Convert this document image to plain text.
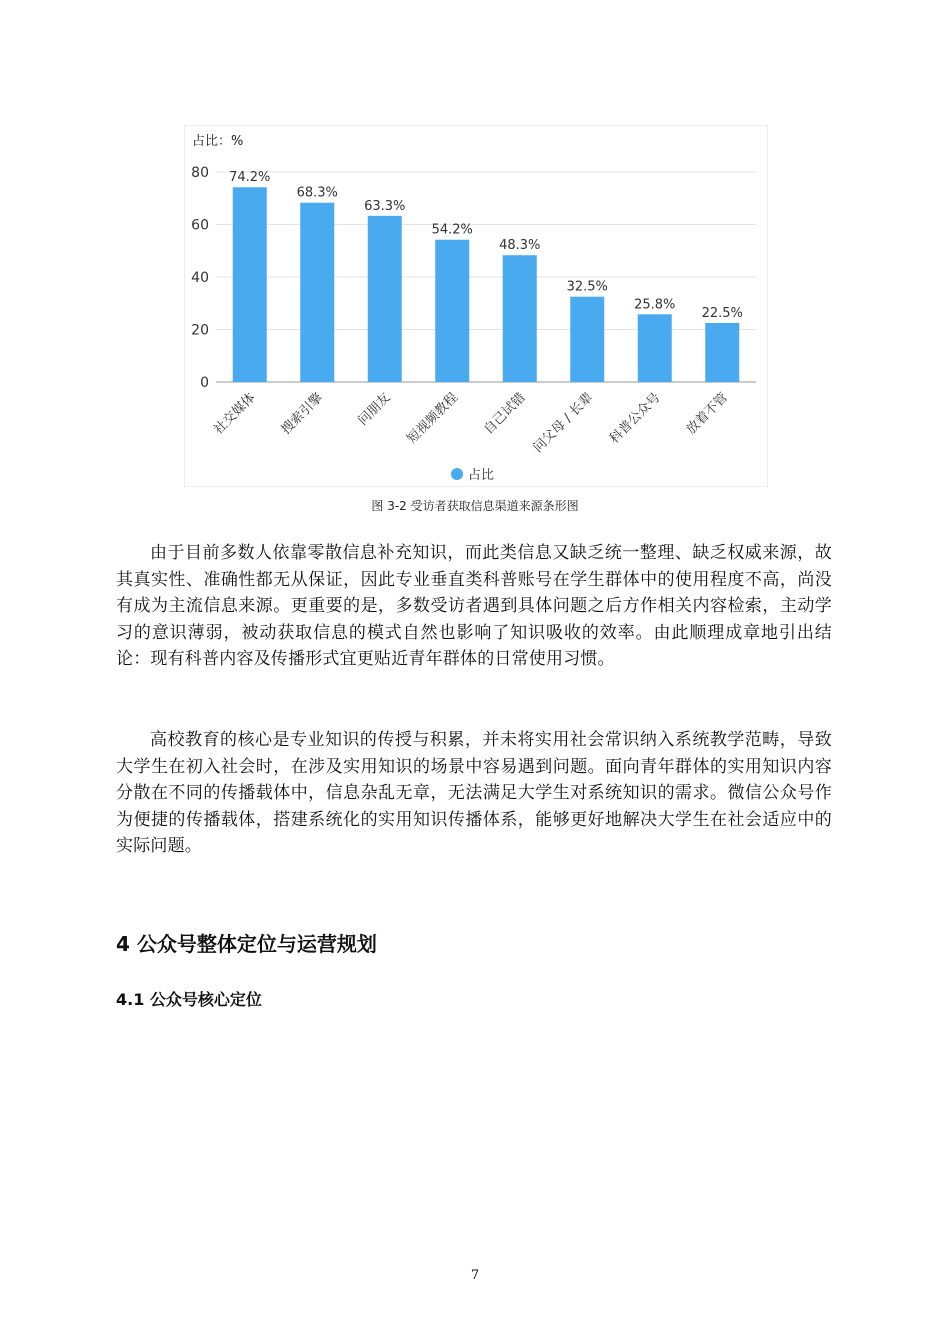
占比：%
0
20
40
60
80 74.2%
68.3%
63.3%
54.2%
48.3%
32.5%
25.8%
22.5%
社交媒体 搜索引擎 问朋友 短视频教程 自己试错 问父母 / 长辈 科普公众号 放着不管
占比
图 3-2 受访者获取信息渠道来源条形图

由于目前多数人依靠零散信息补充知识，而此类信息又缺乏统一整理、缺乏权威来源，故其真实性、准确性都无从保证，因此专业垂直类科普账号在学生群体中的使用程度不高，尚没有成为主流信息来源。更重要的是，多数受访者遇到具体问题之后方作相关内容检索，主动学习的意识薄弱，被动获取信息的模式自然也影响了知识吸收的效率。由此顺理成章地引出结论：现有科普内容及传播形式宜更贴近青年群体的日常使用习惯。

高校教育的核心是专业知识的传授与积累，并未将实用社会常识纳入系统教学范畴，导致大学生在初入社会时，在涉及实用知识的场景中容易遇到问题。面向青年群体的实用知识内容分散在不同的传播载体中，信息杂乱无章，无法满足大学生对系统知识的需求。微信公众号作为便捷的传播载体，搭建系统化的实用知识传播体系，能够更好地解决大学生在社会适应中的实际问题。

4 公众号整体定位与运营规划
4.1 公众号核心定位
7
